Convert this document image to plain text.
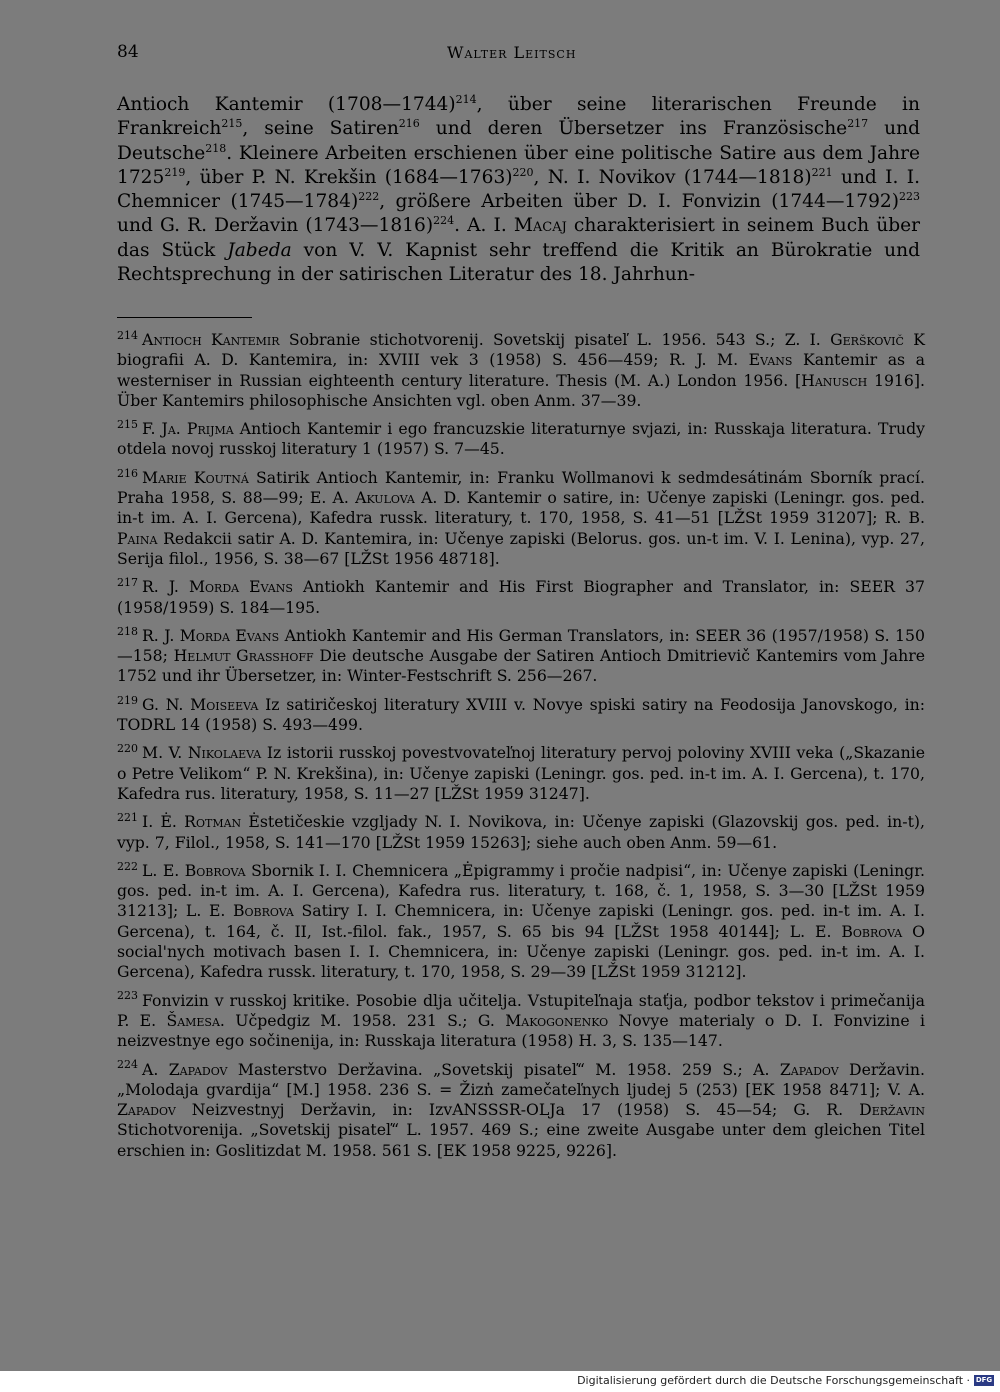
84	Walter Leitsch

Antioch Kantemir (1708—1744)$^{214}$, über seine literarischen Freunde in Frankreich$^{215}$, seine Satiren$^{216}$ und deren Übersetzer ins Französische$^{217}$ und Deutsche$^{218}$. Kleinere Arbeiten erschienen über eine politische Satire aus dem Jahre 1725$^{219}$, über P. N. Krekšin (1684—1763)$^{220}$, N. I. Novikov (1744—1818)$^{221}$ und I. I. Chemnicer (1745—1784)$^{222}$, größere Arbeiten über D. I. Fonvizin (1744—1792)$^{223}$ und G. R. Deržavin (1743—1816)$^{224}$. A. I. Macaj charakterisiert in seinem Buch über das Stück Jabeda von V. V. Kapnist sehr treffend die Kritik an Bürokratie und Rechtsprechung in der satirischen Literatur des 18. Jahrhun-

$^{214}$ Antioch Kantemir Sobranie stichotvorenij. Sovetskij pisateľ L. 1956. 543 S.; Z. I. Gerškovič K biografii A. D. Kantemira, in: XVIII vek 3 (1958) S. 456—459; R. J. M. Evans Kantemir as a westerniser in Russian eighteenth century literature. Thesis (M. A.) London 1956. [Hanusch 1916]. Über Kantemirs philosophische Ansichten vgl. oben Anm. 37—39.

$^{215}$ F. Ja. Prijma Antioch Kantemir i ego francuzskie literaturnye svjazi, in: Russkaja literatura. Trudy otdela novoj russkoj literatury 1 (1957) S. 7—45.

$^{216}$ Marie Koutná Satirik Antioch Kantemir, in: Franku Wollmanovi k sedmdesátinám Sborník prací. Praha 1958, S. 88—99; E. A. Akulova A. D. Kantemir o satire, in: Učenye zapiski (Leningr. gos. ped. in-t im. A. I. Gercena), Kafedra russk. literatury, t. 170, 1958, S. 41—51 [LŽSt 1959 31207]; R. B. Paina Redakcii satir A. D. Kantemira, in: Učenye zapiski (Belorus. gos. un-t im. V. I. Lenina), vyp. 27, Serija filol., 1956, S. 38—67 [LŽSt 1956 48718].

$^{217}$ R. J. Morda Evans Antiokh Kantemir and His First Biographer and Translator, in: SEER 37 (1958/1959) S. 184—195.

$^{218}$ R. J. Morda Evans Antiokh Kantemir and His German Translators, in: SEER 36 (1957/1958) S. 150—158; Helmut Grasshoff Die deutsche Ausgabe der Satiren Antioch Dmitrievič Kantemirs vom Jahre 1752 und ihr Übersetzer, in: Winter-Festschrift S. 256—267.

$^{219}$ G. N. Moiseeva Iz satiričeskoj literatury XVIII v. Novye spiski satiry na Feodosija Janovskogo, in: TODRL 14 (1958) S. 493—499.

$^{220}$ M. V. Nikolaeva Iz istorii russkoj povestvovateľnoj literatury pervoj poloviny XVIII veka („Skazanie o Petre Velikom“ P. N. Krekšina), in: Učenye zapiski (Leningr. gos. ped. in-t im. A. I. Gercena), t. 170, Kafedra rus. literatury, 1958, S. 11—27 [LŽSt 1959 31247].

$^{221}$ I. Ė. Rotman Ėstetičeskie vzgljady N. I. Novikova, in: Učenye zapiski (Glazovskij gos. ped. in-t), vyp. 7, Filol., 1958, S. 141—170 [LŽSt 1959 15263]; siehe auch oben Anm. 59—61.

$^{222}$ L. E. Bobrova Sbornik I. I. Chemnicera „Ėpigrammy i pročie nadpisi“, in: Učenye zapiski (Leningr. gos. ped. in-t im. A. I. Gercena), Kafedra rus. literatury, t. 168, č. 1, 1958, S. 3—30 [LŽSt 1959 31213]; L. E. Bobrova Satiry I. I. Chemnicera, in: Učenye zapiski (Leningr. gos. ped. in-t im. A. I. Gercena), t. 164, č. II, Ist.-filol. fak., 1957, S. 65 bis 94 [LŽSt 1958 40144]; L. E. Bobrova O social'nych motivach basen I. I. Chemnicera, in: Učenye zapiski (Leningr. gos. ped. in-t im. A. I. Gercena), Kafedra russk. literatury, t. 170, 1958, S. 29—39 [LŽSt 1959 31212].

$^{223}$ Fonvizin v russkoj kritike. Posobie dlja učitelja. Vstupiteľnaja staťja, podbor tekstov i primečanija P. E. Šamesa. Učpedgiz M. 1958. 231 S.; G. Makogonenko Novye materialy o D. I. Fonvizine i neizvestnye ego sočinenija, in: Russkaja literatura (1958) H. 3, S. 135—147.

$^{224}$ A. Zapadov Masterstvo Deržavina. „Sovetskij pisateľ“ M. 1958. 259 S.; A. Zapadov Deržavin. „Molodaja gvardija“ [M.] 1958. 236 S. = Žizn̓ zamečateľnych ljudej 5 (253) [EK 1958 8471]; V. A. Zapadov Neizvestnyj Deržavin, in: IzvANSSSR-OLJa 17 (1958) S. 45—54; G. R. Deržavin Stichotvorenija. „Sovetskij pisateľ“ L. 1957. 469 S.; eine zweite Ausgabe unter dem gleichen Titel erschien in: Goslitizdat M. 1958. 561 S. [EK 1958 9225, 9226].

Digitalisierung gefördert durch die Deutsche Forschungsgemeinschaft · DFG
